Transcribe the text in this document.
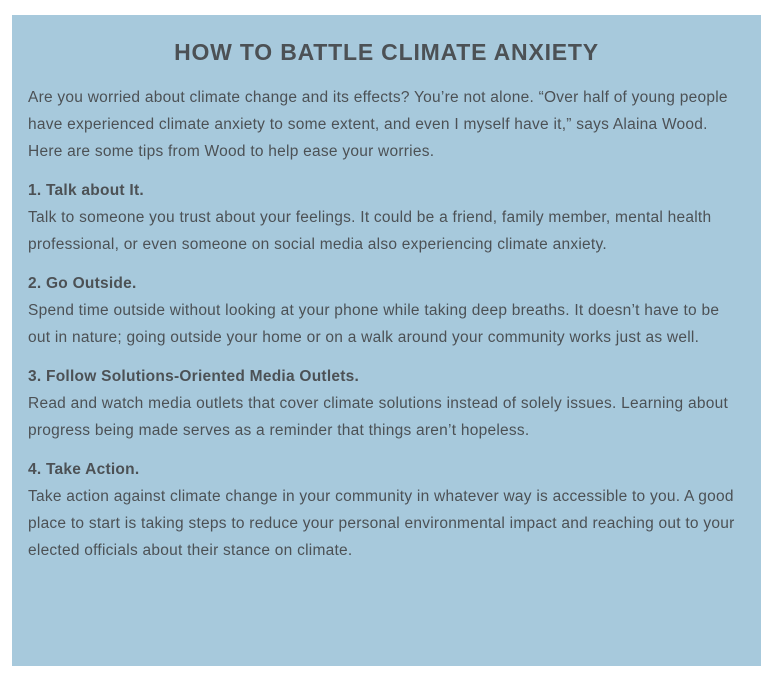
HOW TO BATTLE CLIMATE ANXIETY

Are you worried about climate change and its effects? You’re not alone. “Over half of young people have experienced climate anxiety to some extent, and even I myself have it,” says Alaina Wood. Here are some tips from Wood to help ease your worries.

1. Talk about It.

Talk to someone you trust about your feelings. It could be a friend, family member, mental health professional, or even someone on social media also experiencing climate anxiety.

2. Go Outside.

Spend time outside without looking at your phone while taking deep breaths. It doesn’t have to be out in nature; going outside your home or on a walk around your community works just as well.

3. Follow Solutions-Oriented Media Outlets.

Read and watch media outlets that cover climate solutions instead of solely issues. Learning about progress being made serves as a reminder that things aren’t hopeless.

4. Take Action.

Take action against climate change in your community in whatever way is accessible to you. A good place to start is taking steps to reduce your personal environmental impact and reaching out to your elected officials about their stance on climate.
